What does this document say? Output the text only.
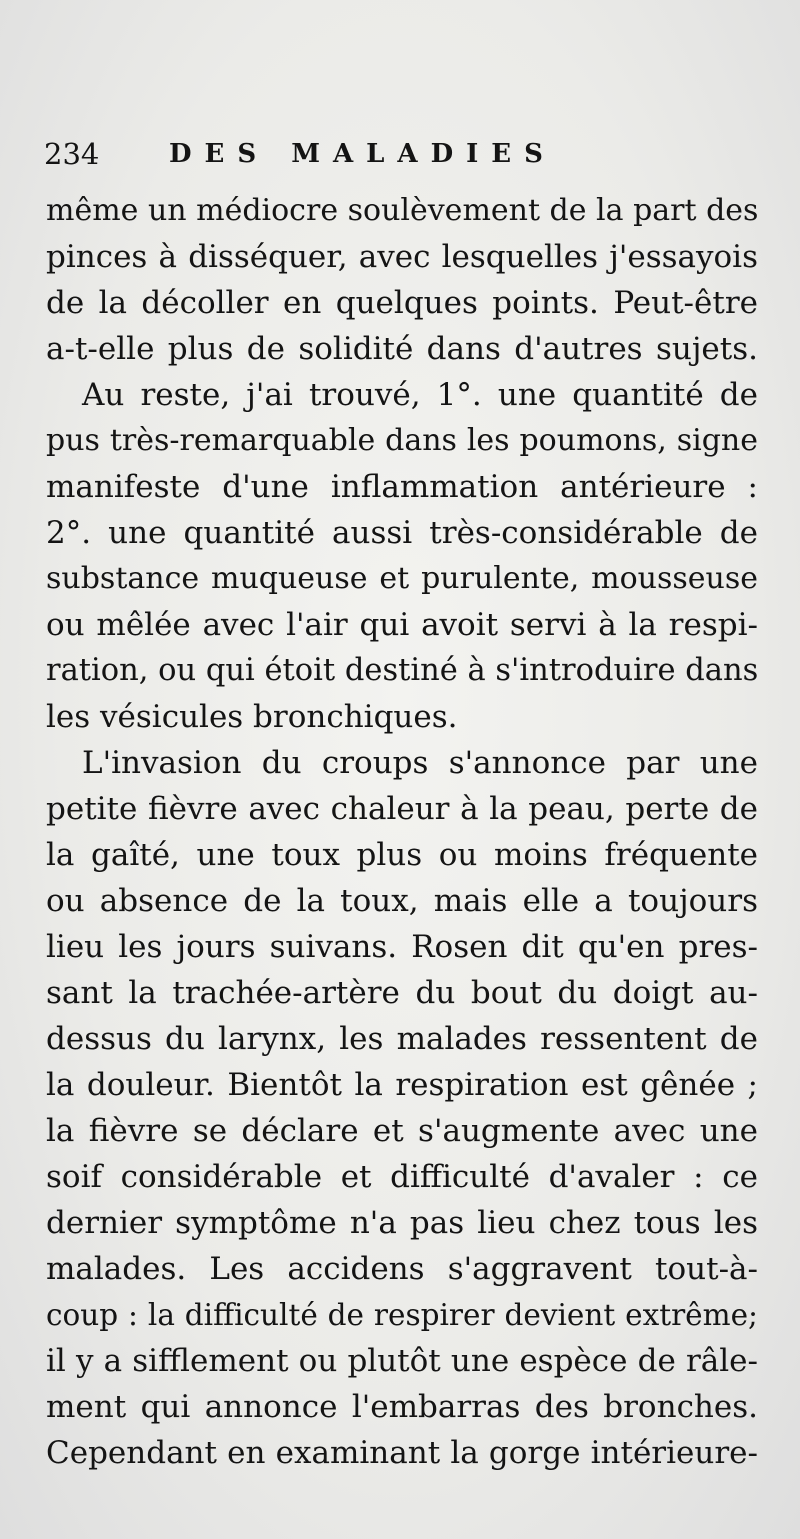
234	DES MALADIES
même un médiocre soulèvement de la part des
pinces à disséquer, avec lesquelles j'essayois
de la décoller en quelques points. Peut-être
a-t-elle plus de solidité dans d'autres sujets.
Au reste, j'ai trouvé, 1°. une quantité de
pus très-remarquable dans les poumons, signe
manifeste d'une inflammation antérieure :
2°. une quantité aussi très-considérable de
substance muqueuse et purulente, mousseuse
ou mêlée avec l'air qui avoit servi à la respi-
ration, ou qui étoit destiné à s'introduire dans
les vésicules bronchiques.
L'invasion du croups s'annonce par une
petite fièvre avec chaleur à la peau, perte de
la gaîté, une toux plus ou moins fréquente
ou absence de la toux, mais elle a toujours
lieu les jours suivans. Rosen dit qu'en pres-
sant la trachée-artère du bout du doigt au-
dessus du larynx, les malades ressentent de
la douleur. Bientôt la respiration est gênée ;
la fièvre se déclare et s'augmente avec une
soif considérable et difficulté d'avaler : ce
dernier symptôme n'a pas lieu chez tous les
malades. Les accidens s'aggravent tout-à-
coup : la difficulté de respirer devient extrême;
il y a sifflement ou plutôt une espèce de râle-
ment qui annonce l'embarras des bronches.
Cependant en examinant la gorge intérieure-
